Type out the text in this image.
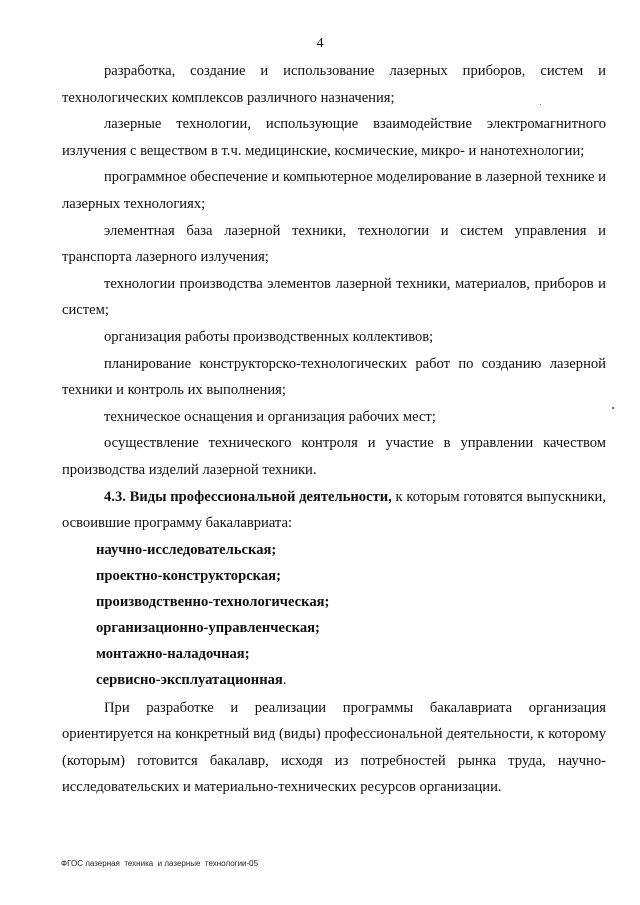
4

разработка, создание и использование лазерных приборов, систем и технологических комплексов различного назначения;

лазерные технологии, использующие взаимодействие электромагнитного излучения с веществом в т.ч. медицинские, космические, микро- и нанотехнологии;

программное обеспечение и компьютерное моделирование в лазерной технике и лазерных технологиях;

элементная база лазерной техники, технологии и систем управления и транспорта лазерного излучения;

технологии производства элементов лазерной техники, материалов, приборов и систем;

организация работы производственных коллективов;

планирование конструкторско-технологических работ по созданию лазерной техники и контроль их выполнения;

техническое оснащения и организация рабочих мест;

осуществление технического контроля и участие в управлении качеством производства изделий лазерной техники.

4.3. Виды профессиональной деятельности, к которым готовятся выпускники, освоившие программу бакалавриата:

научно-исследовательская;

проектно-конструкторская;

производственно-технологическая;

организационно-управленческая;

монтажно-наладочная;

сервисно-эксплуатационная.

При разработке и реализации программы бакалавриата организация ориентируется на конкретный вид (виды) профессиональной деятельности, к которому (которым) готовится бакалавр, исходя из потребностей рынка труда, научно-исследовательских и материально-технических ресурсов организации.

ФГОС лазерная  техника  и лазерные  технологии-05
